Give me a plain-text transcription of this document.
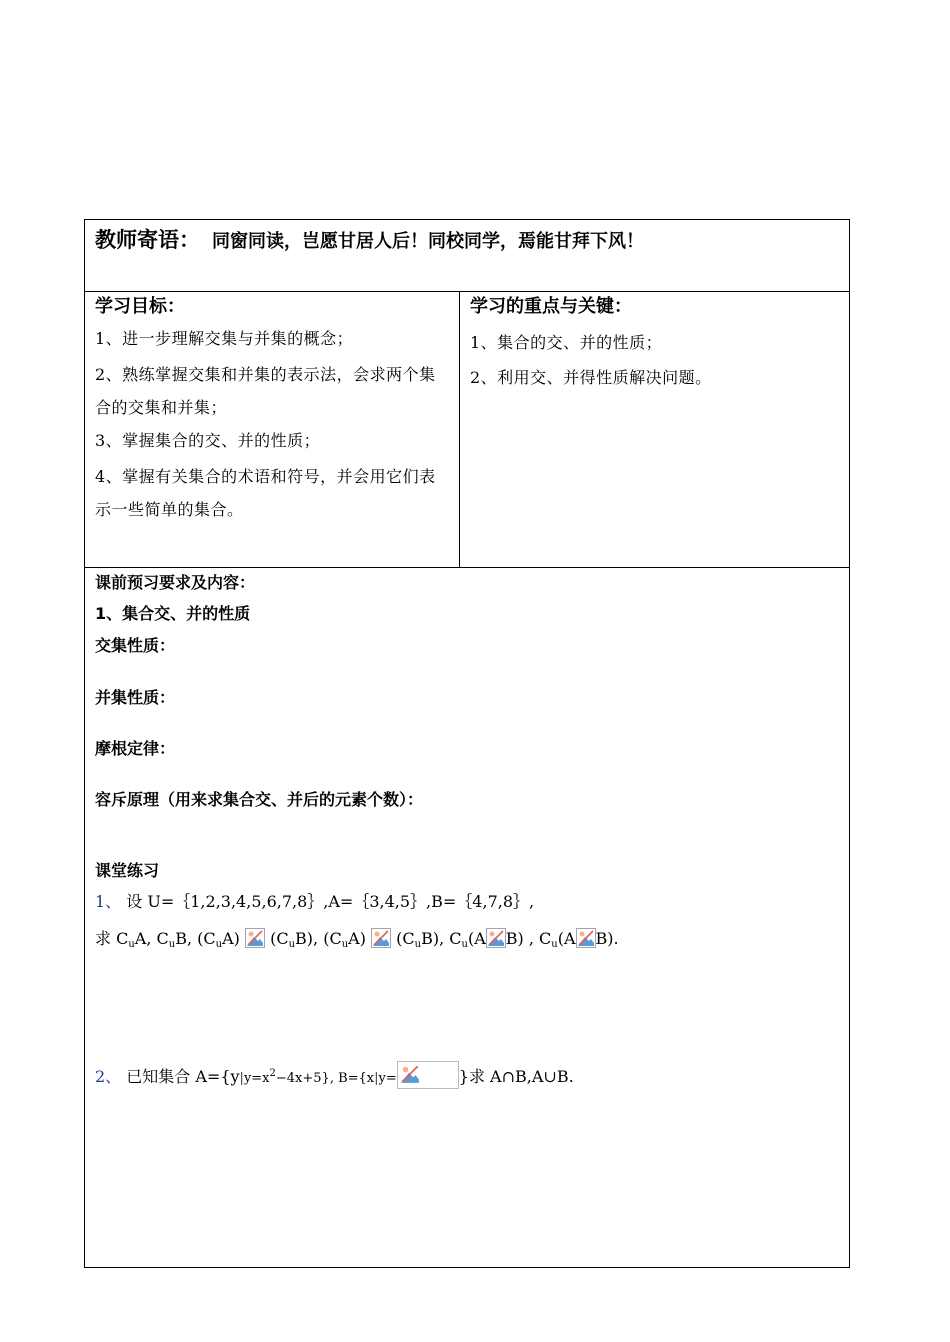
教师寄语： 同窗同读，岂愿甘居人后！同校同学，焉能甘拜下风！
学习目标：
1、进一步理解交集与并集的概念；
2、熟练掌握交集和并集的表示法，会求两个集合的交集和并集；
3、掌握集合的交、并的性质；
4、掌握有关集合的术语和符号，并会用它们表示一些简单的集合。
学习的重点与关键：
1、集合的交、并的性质；
2、利用交、并得性质解决问题。
课前预习要求及内容：
1、集合交、并的性质
交集性质：
并集性质：
摩根定律：
容斥原理（用来求集合交、并后的元素个数）：
课堂练习
1、 设 U=｛1,2,3,4,5,6,7,8｝,A=｛3,4,5｝,B=｛4,7,8｝,
求 CuA, CuB, (CuA)
(CuB), (CuA)
(CuB), Cu(A B) , Cu(A B).
2、 已知集合 $A=\{y|y=x^2-4x+5\}$, B={x|y=	}求 A∩B,A∪B.
